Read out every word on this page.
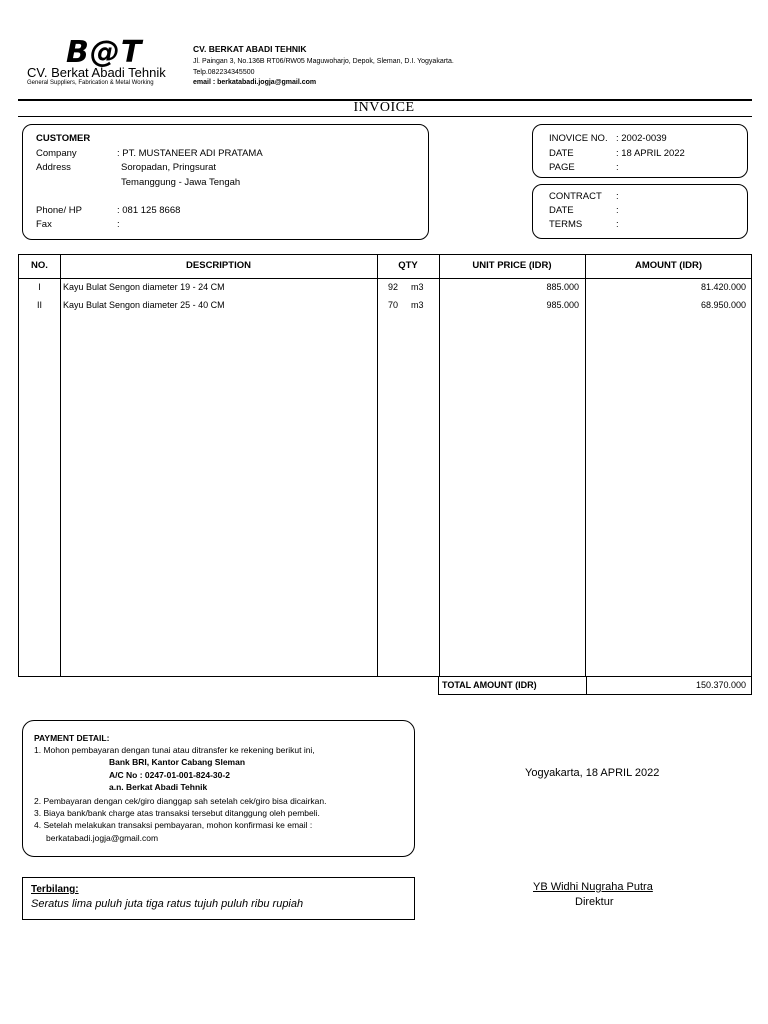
B@T
CV. Berkat Abadi Tehnik
General Suppliers, Fabrication & Metal Working
CV. BERKAT ABADI TEHNIK
Jl. Paingan 3, No.136B RT06/RW05 Maguwoharjo, Depok, Sleman, D.I. Yogyakarta.
Telp.082234345500
email : berkatabadi.jogja@gmail.com
INVOICE
CUSTOMER
Company	: PT. MUSTANEER ADI PRATAMA
Address	Soropadan, Pringsurat
Temanggung - Jawa Tengah
Phone/ HP	: 081 125 8668
Fax	:
INOVICE NO. : 2002-0039
DATE	: 18 APRIL 2022
PAGE	:
CONTRACT :
DATE	:
TERMS	:
NO.	DESCRIPTION	QTY	UNIT PRICE (IDR)	AMOUNT (IDR)
I	Kayu Bulat Sengon diameter 19 - 24 CM	92 m3	885.000	81.420.000
II	Kayu Bulat Sengon diameter 25 - 40 CM	70 m3	985.000	68.950.000
TOTAL AMOUNT (IDR)	150.370.000
PAYMENT DETAIL:
1. Mohon pembayaran dengan tunai atau ditransfer ke rekening berikut ini,
Bank BRI, Kantor Cabang Sleman
A/C No : 0247-01-001-824-30-2
a.n. Berkat Abadi Tehnik
2. Pembayaran dengan cek/giro dianggap sah setelah cek/giro bisa dicairkan.
3. Biaya bank/bank charge atas transaksi tersebut ditanggung oleh pembeli.
4. Setelah melakukan transaksi pembayaran, mohon konfirmasi ke email :
berkatabadi.jogja@gmail.com
Yogyakarta, 18 APRIL 2022
YB Widhi Nugraha Putra
Direktur
Terbilang:
Seratus lima puluh juta tiga ratus tujuh puluh ribu rupiah
